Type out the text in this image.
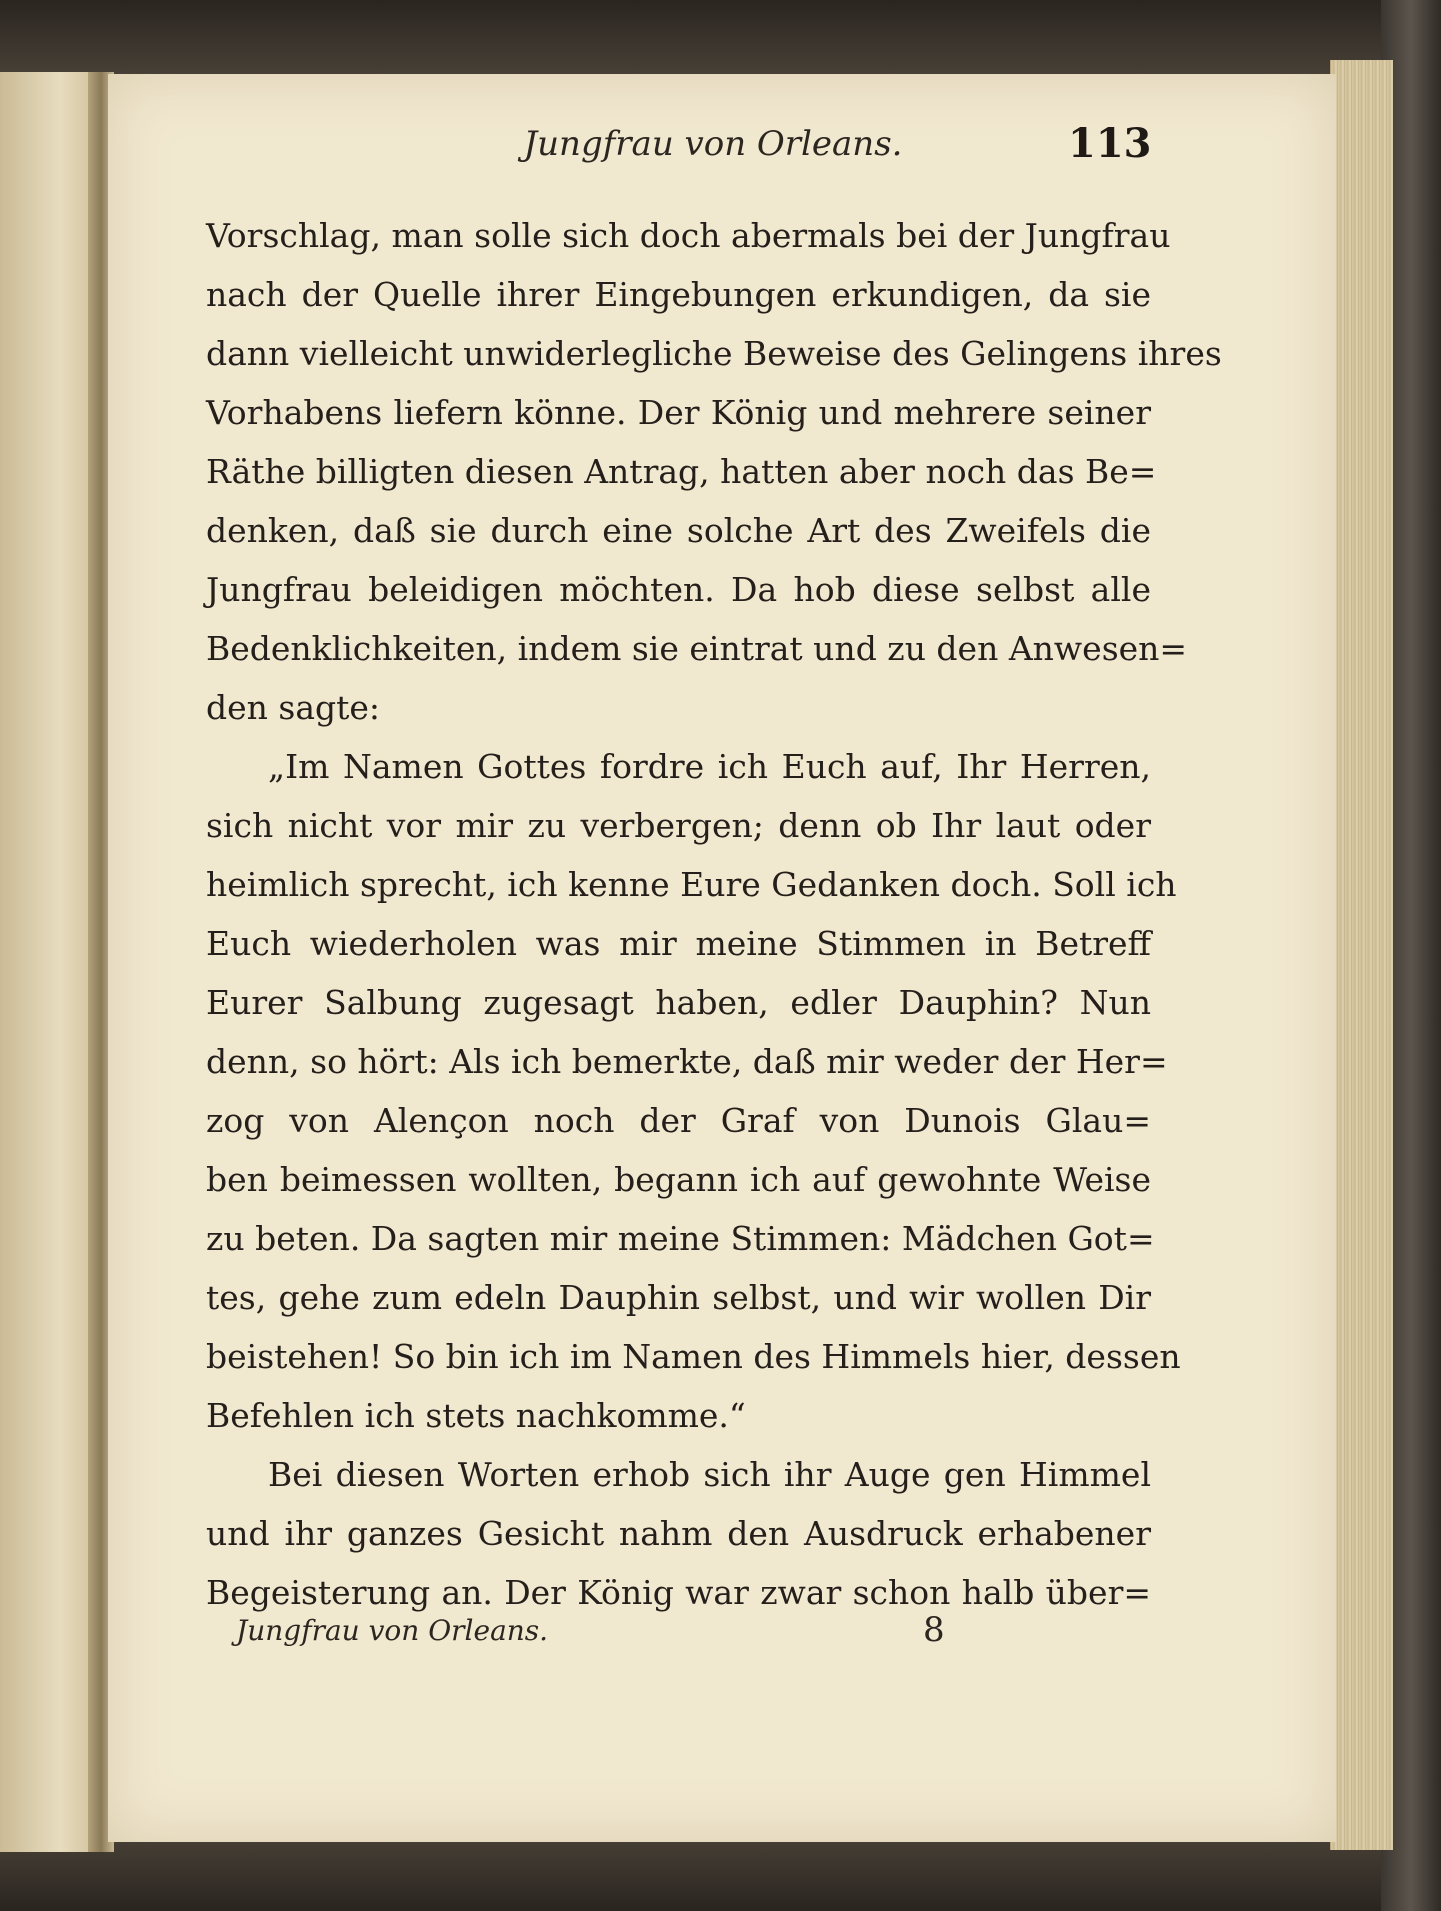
Jungfrau von Orleans.	113
Vorschlag, man solle sich doch abermals bei der Jungfrau
nach der Quelle ihrer Eingebungen erkundigen, da sie
dann vielleicht unwiderlegliche Beweise des Gelingens ihres
Vorhabens liefern könne. Der König und mehrere seiner
Räthe billigten diesen Antrag, hatten aber noch das Be=
denken, daß sie durch eine solche Art des Zweifels die
Jungfrau beleidigen möchten. Da hob diese selbst alle
Bedenklichkeiten, indem sie eintrat und zu den Anwesen=
den sagte:
„Im Namen Gottes fordre ich Euch auf, Ihr Herren,
sich nicht vor mir zu verbergen; denn ob Ihr laut oder
heimlich sprecht, ich kenne Eure Gedanken doch. Soll ich
Euch wiederholen was mir meine Stimmen in Betreff
Eurer Salbung zugesagt haben, edler Dauphin? Nun
denn, so hört: Als ich bemerkte, daß mir weder der Her=
zog von Alençon noch der Graf von Dunois Glau=
ben beimessen wollten, begann ich auf gewohnte Weise
zu beten. Da sagten mir meine Stimmen: Mädchen Got=
tes, gehe zum edeln Dauphin selbst, und wir wollen Dir
beistehen! So bin ich im Namen des Himmels hier, dessen
Befehlen ich stets nachkomme.“
Bei diesen Worten erhob sich ihr Auge gen Himmel
und ihr ganzes Gesicht nahm den Ausdruck erhabener
Begeisterung an. Der König war zwar schon halb über=
Jungfrau von Orleans.	8
